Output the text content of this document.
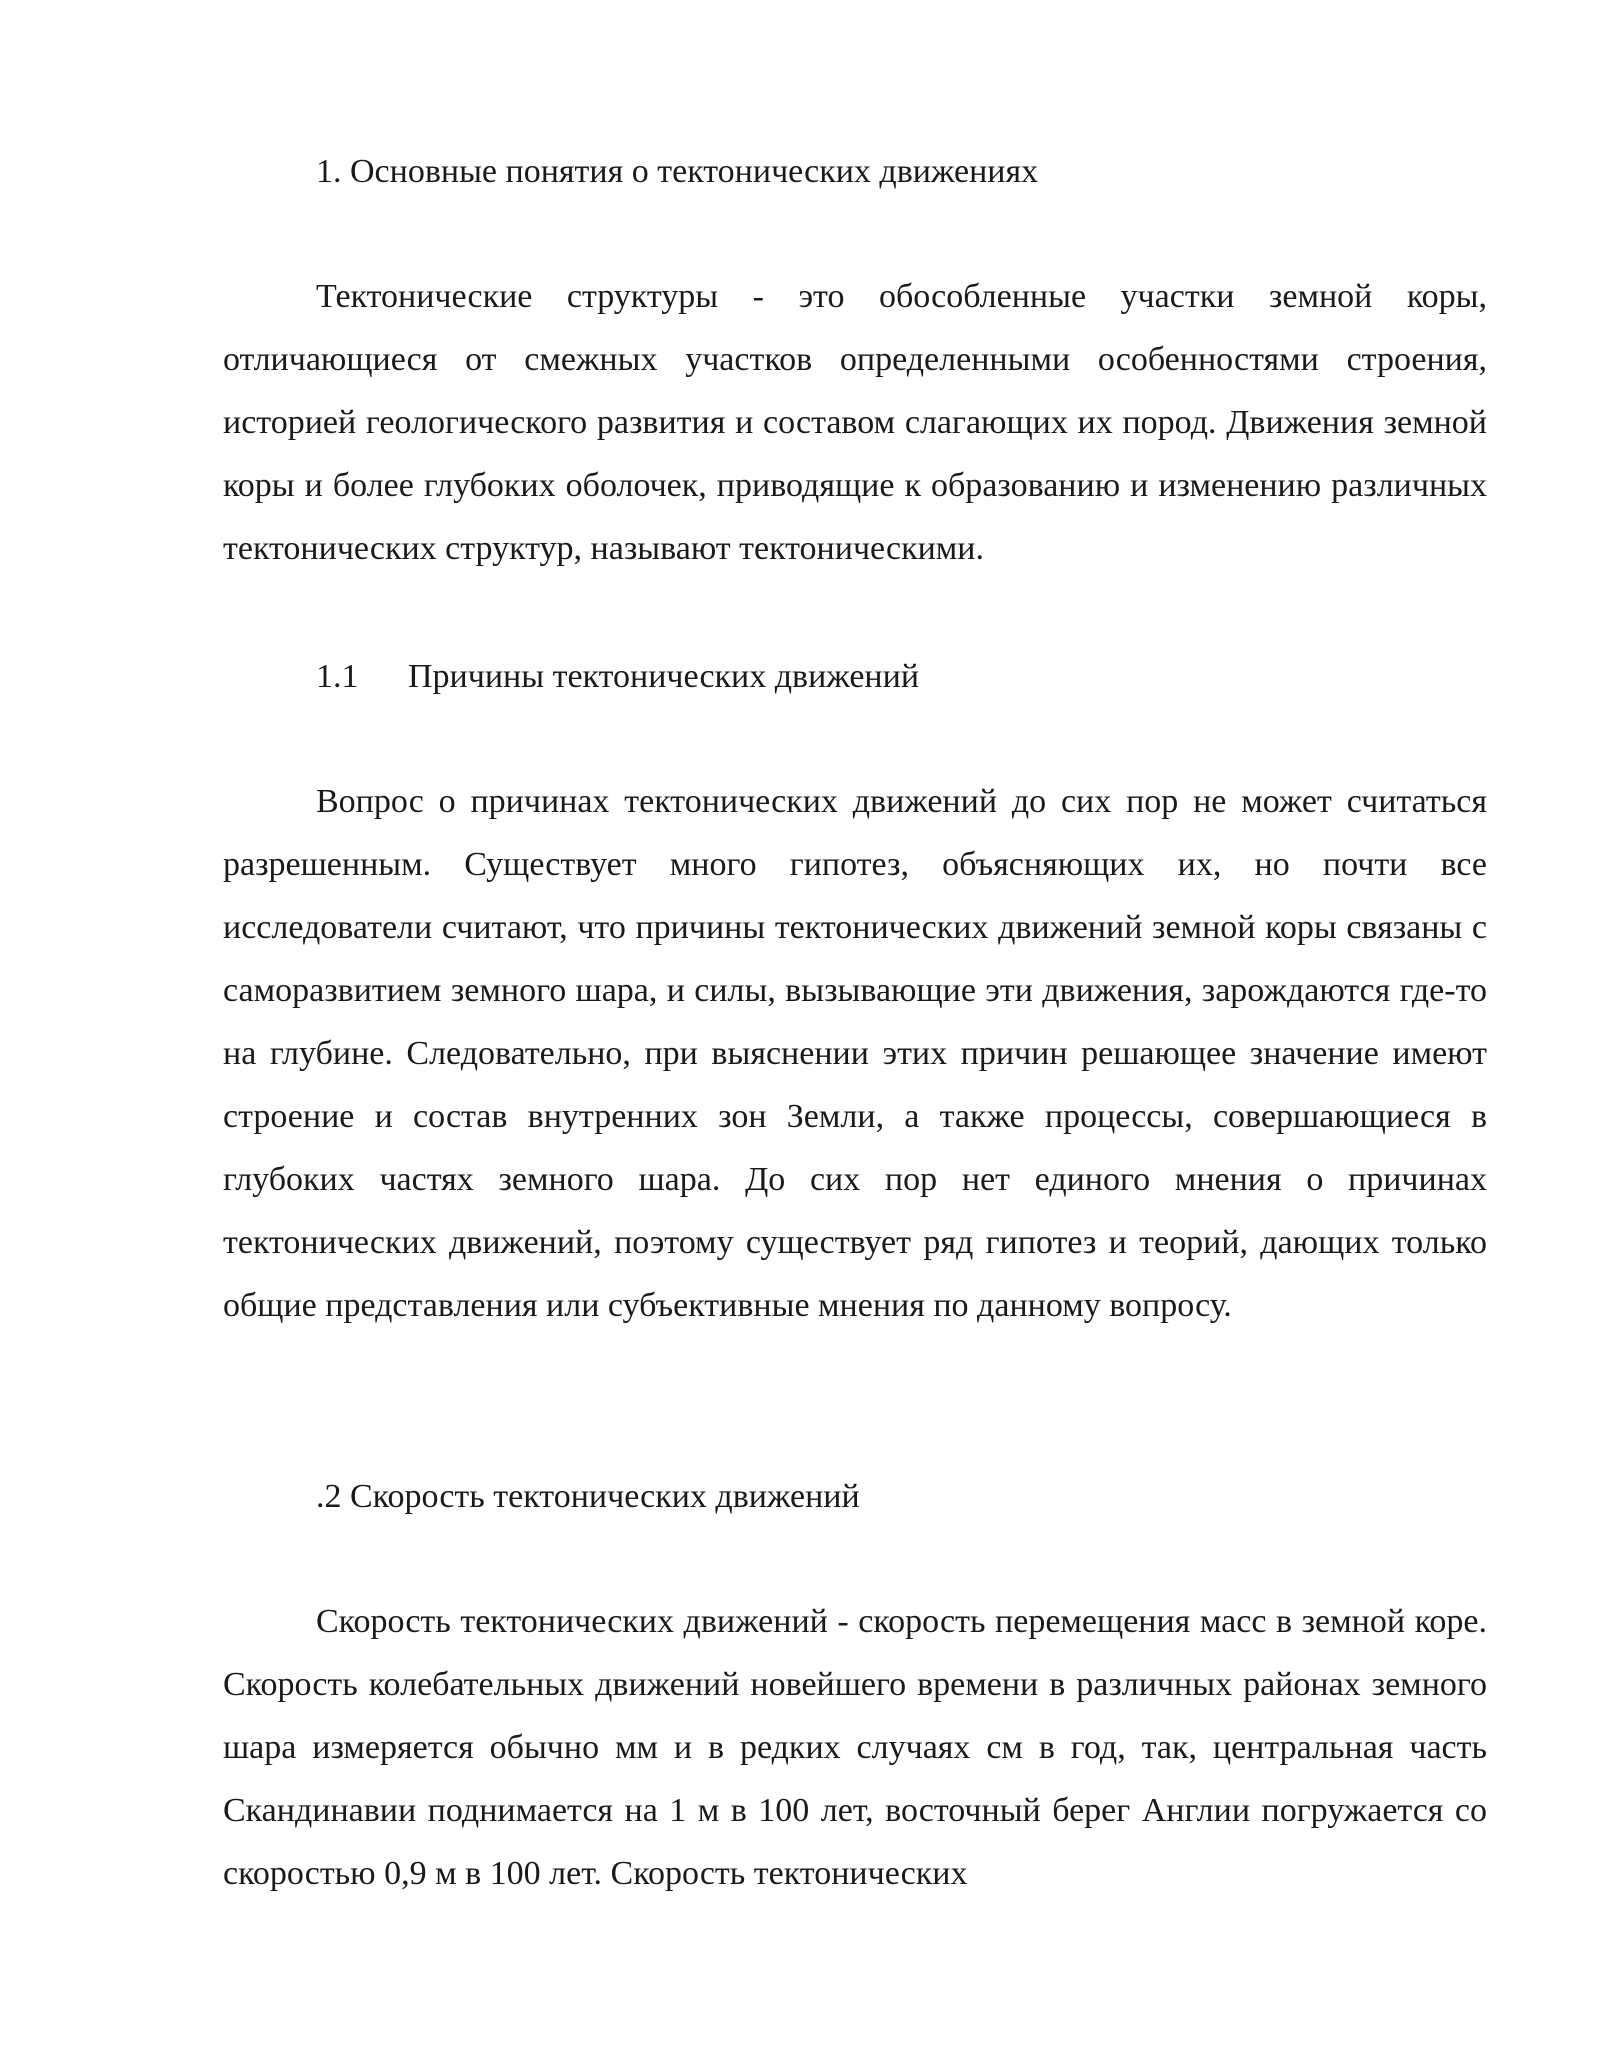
1. Основные понятия о тектонических движениях

Тектонические структуры - это обособленные участки земной коры, отличающиеся от смежных участков определенными особенностями строения, историей геологического развития и составом слагающих их пород. Движения земной коры и более глубоких оболочек, приводящие к образованию и изменению различных тектонических структур, называют тектоническими.

1.1 Причины тектонических движений

Вопрос о причинах тектонических движений до сих пор не может считаться разрешенным. Существует много гипотез, объясняющих их, но почти все исследователи считают, что причины тектонических движений земной коры связаны с саморазвитием земного шара, и силы, вызывающие эти движения, зарождаются где-то на глубине. Следовательно, при выяснении этих причин решающее значение имеют строение и состав внутренних зон Земли, а также процессы, совершающиеся в глубоких частях земного шара. До сих пор нет единого мнения о причинах тектонических движений, поэтому существует ряд гипотез и теорий, дающих только общие представления или субъективные мнения по данному вопросу.

.2 Скорость тектонических движений

Скорость тектонических движений - скорость перемещения масс в земной коре. Скорость колебательных движений новейшего времени в различных районах земного шара измеряется обычно мм и в редких случаях см в год, так, центральная часть Скандинавии поднимается на 1 м в 100 лет, восточный берег Англии погружается со скоростью 0,9 м в 100 лет. Скорость тектонических
